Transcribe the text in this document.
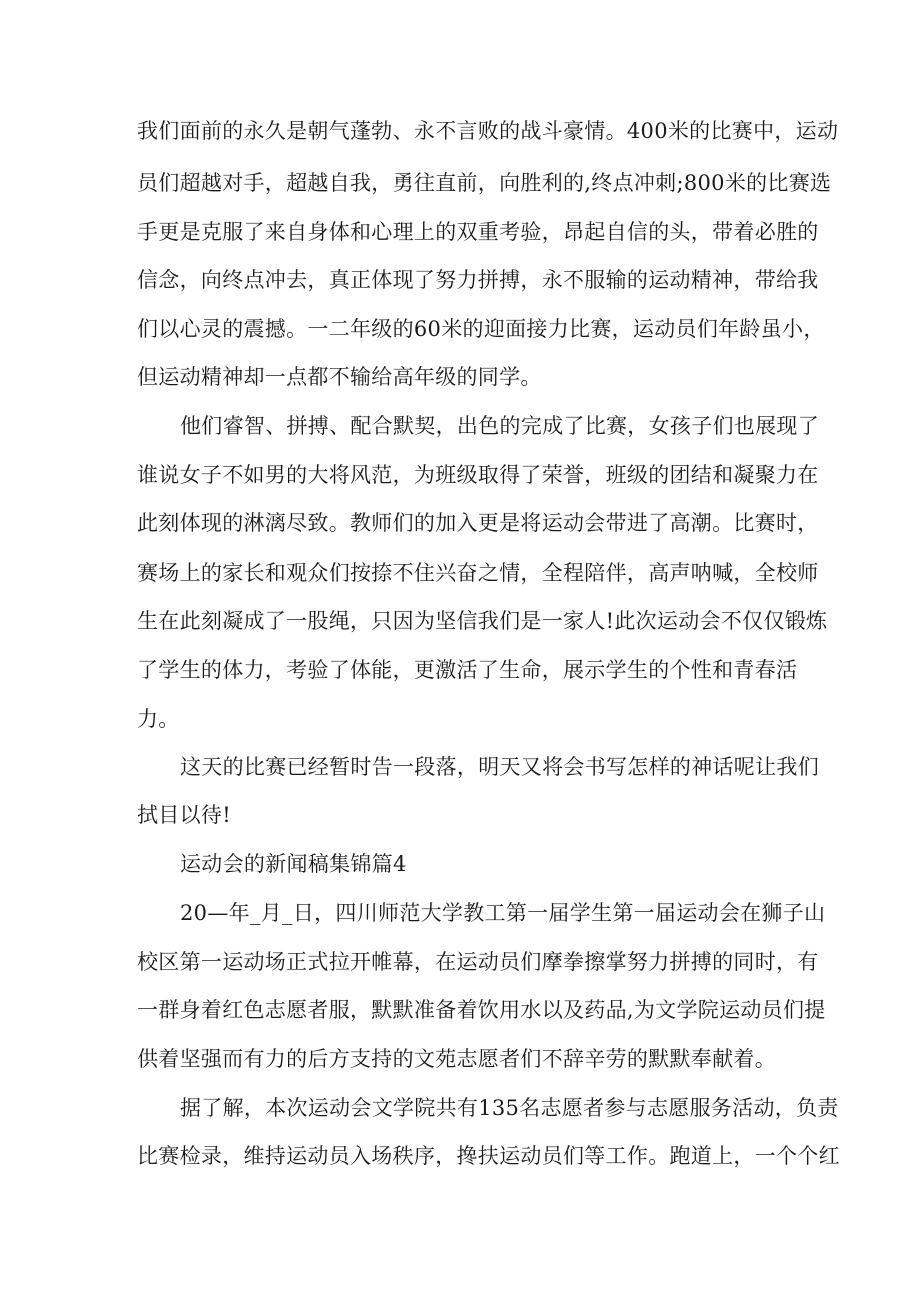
我们面前的永久是朝气蓬勃、永不言败的战斗豪情。400米的比赛中，运动
员们超越对手，超越自我，勇往直前，向胜利的,终点冲刺;800米的比赛选
手更是克服了来自身体和心理上的双重考验，昂起自信的头，带着必胜的
信念，向终点冲去，真正体现了努力拼搏，永不服输的运动精神，带给我
们以心灵的震撼。一二年级的60米的迎面接力比赛，运动员们年龄虽小，
但运动精神却一点都不输给高年级的同学。
他们睿智、拼搏、配合默契，出色的完成了比赛，女孩子们也展现了
谁说女子不如男的大将风范，为班级取得了荣誉，班级的团结和凝聚力在
此刻体现的淋漓尽致。教师们的加入更是将运动会带进了高潮。比赛时，
赛场上的家长和观众们按捺不住兴奋之情，全程陪伴，高声呐喊，全校师
生在此刻凝成了一股绳，只因为坚信我们是一家人!此次运动会不仅仅锻炼
了学生的体力，考验了体能，更激活了生命，展示学生的个性和青春活
力。
这天的比赛已经暂时告一段落，明天又将会书写怎样的神话呢让我们
拭目以待!
运动会的新闻稿集锦篇4
20—年_月_日，四川师范大学教工第一届学生第一届运动会在狮子山
校区第一运动场正式拉开帷幕，在运动员们摩拳擦掌努力拼搏的同时，有
一群身着红色志愿者服，默默准备着饮用水以及药品,为文学院运动员们提
供着坚强而有力的后方支持的文苑志愿者们不辞辛劳的默默奉献着。
据了解，本次运动会文学院共有135名志愿者参与志愿服务活动，负责
比赛检录，维持运动员入场秩序，搀扶运动员们等工作。跑道上，一个个红
